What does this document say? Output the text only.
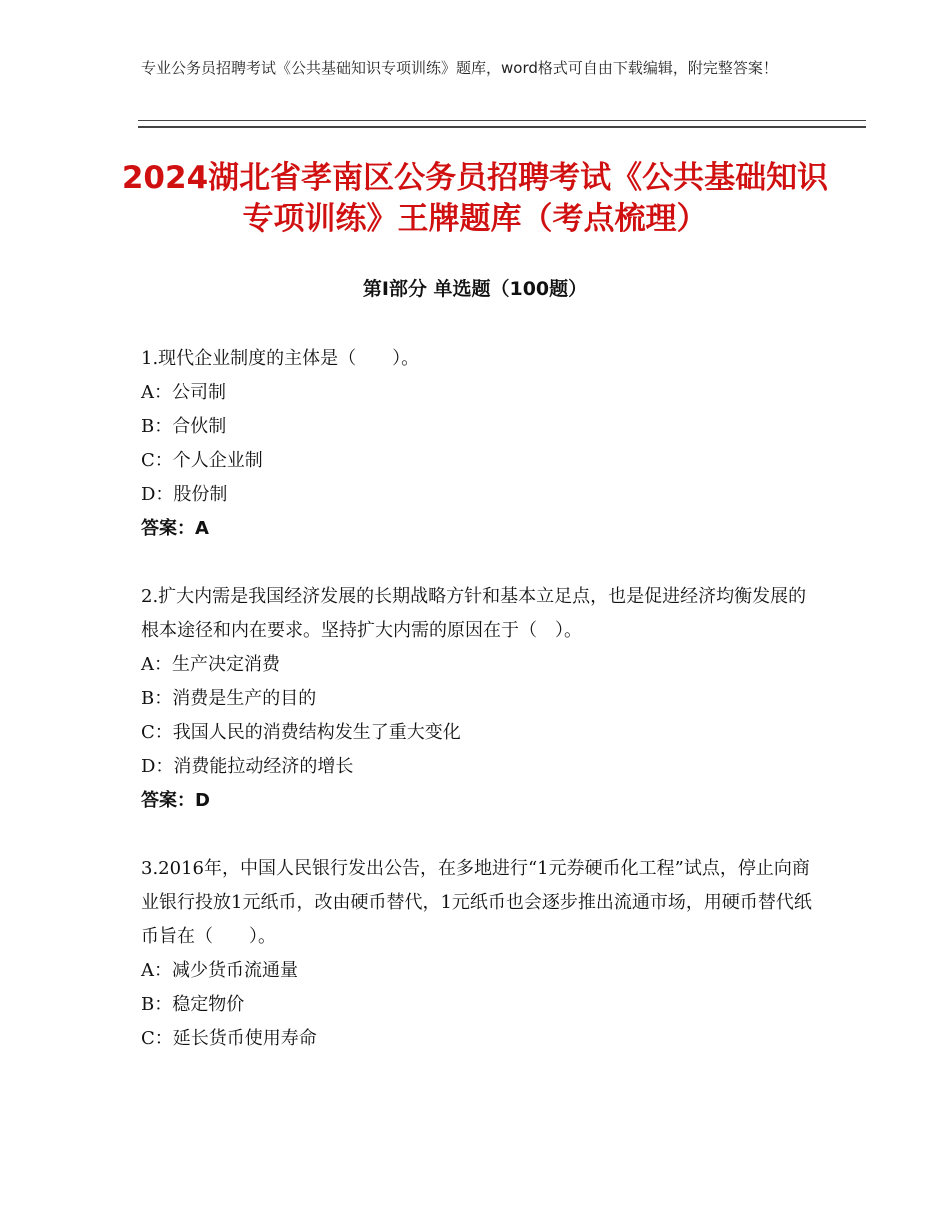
专业公务员招聘考试《公共基础知识专项训练》题库，word格式可自由下载编辑，附完整答案！
2024湖北省孝南区公务员招聘考试《公共基础知识专项训练》王牌题库（考点梳理）
第Ⅰ部分 单选题（100题）

1.现代企业制度的主体是（　　）。

A：公司制

B：合伙制

C：个人企业制

D：股份制

答案：A

2.扩大内需是我国经济发展的长期战略方针和基本立足点，也是促进经济均衡发展的根本途径和内在要求。坚持扩大内需的原因在于（　）。

A：生产决定消费

B：消费是生产的目的

C：我国人民的消费结构发生了重大变化

D：消费能拉动经济的增长

答案：D

3.2016年，中国人民银行发出公告，在多地进行“1元券硬币化工程”试点，停止向商业银行投放1元纸币，改由硬币替代，1元纸币也会逐步推出流通市场，用硬币替代纸币旨在（　　）。

A：减少货币流通量

B：稳定物价

C：延长货币使用寿命
